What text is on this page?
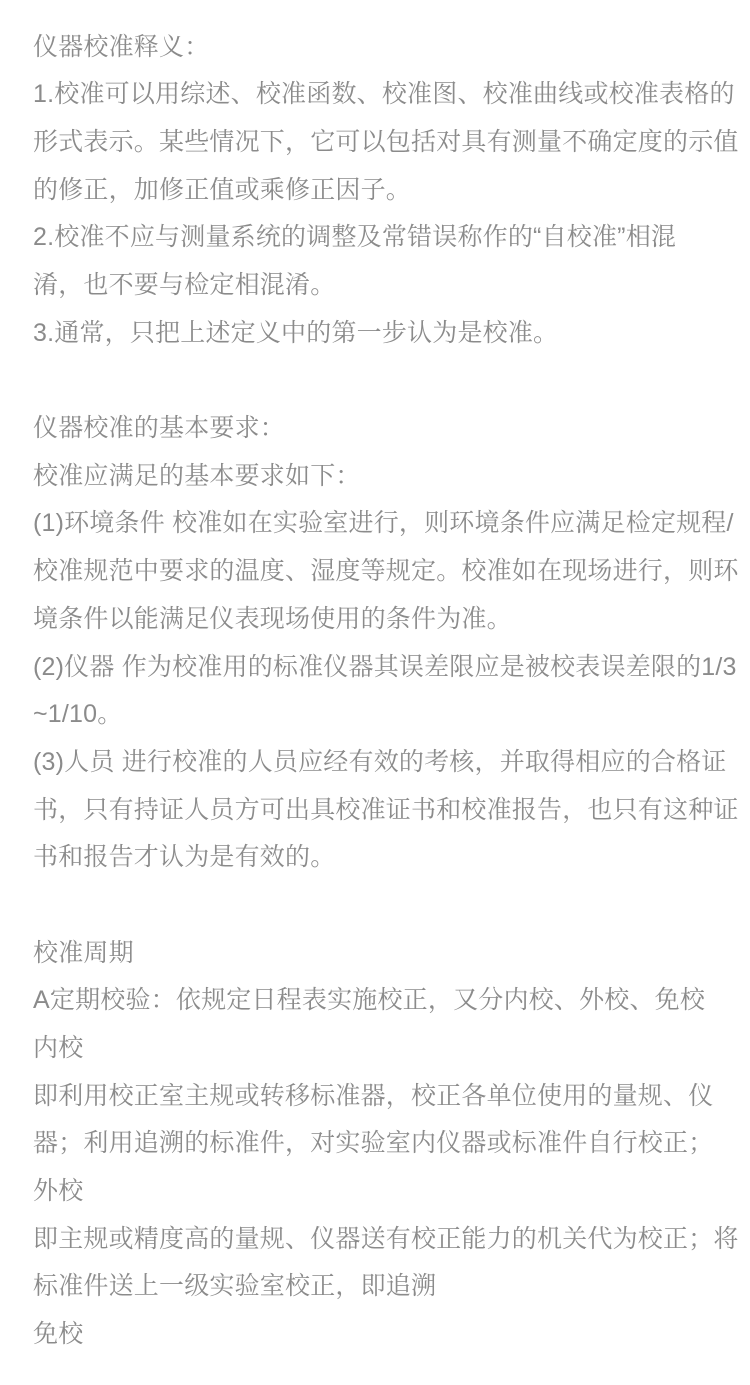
仪器校准释义：
1.校准可以用综述、校准函数、校准图、校准曲线或校准表格的
形式表示。某些情况下，它可以包括对具有测量不确定度的示值
的修正，加修正值或乘修正因子。
2.校准不应与测量系统的调整及常错误称作的“自校准”相混
淆，也不要与检定相混淆。
3.通常，只把上述定义中的第一步认为是校准。
仪器校准的基本要求：
校准应满足的基本要求如下：
(1)环境条件 校准如在实验室进行，则环境条件应满足检定规程/
校准规范中要求的温度、湿度等规定。校准如在现场进行，则环
境条件以能满足仪表现场使用的条件为准。
(2)仪器 作为校准用的标准仪器其误差限应是被校表误差限的1/3
~1/10。
(3)人员 进行校准的人员应经有效的考核，并取得相应的合格证
书，只有持证人员方可出具校准证书和校准报告，也只有这种证
书和报告才认为是有效的。
校准周期
A定期校验：依规定日程表实施校正，又分内校、外校、免校
内校
即利用校正室主规或转移标准器，校正各单位使用的量规、仪
器；利用追溯的标准件，对实验室内仪器或标准件自行校正；
外校
即主规或精度高的量规、仪器送有校正能力的机关代为校正；将
标准件送上一级实验室校正，即追溯
免校
